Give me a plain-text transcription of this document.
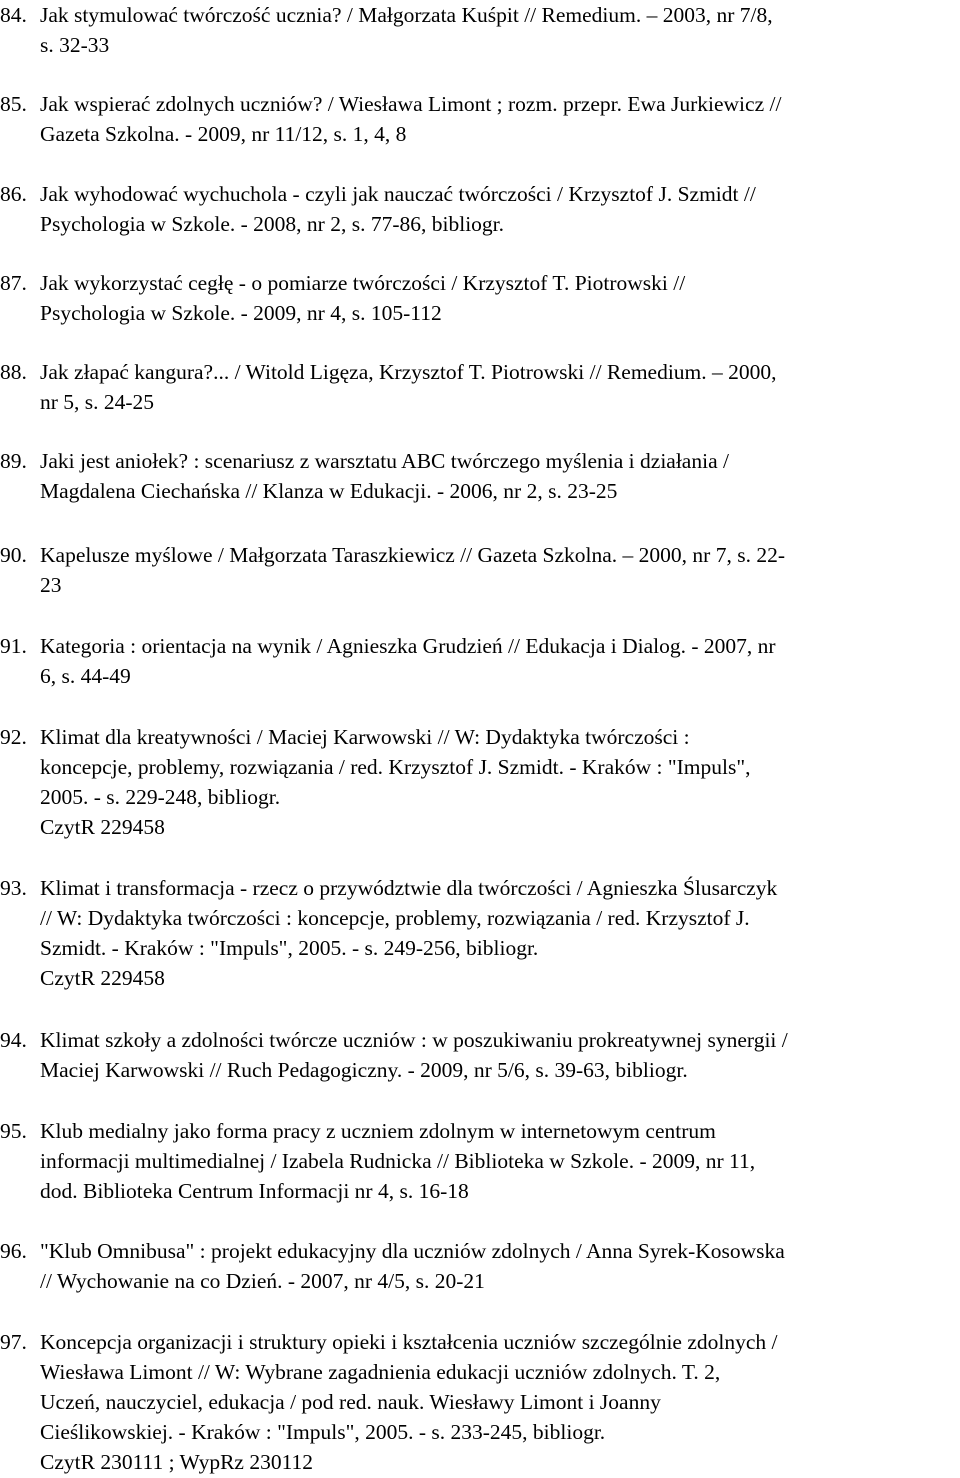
84. Jak stymulować twórczość ucznia? / Małgorzata Kuśpit // Remedium. – 2003, nr 7/8,
s. 32-33
85. Jak wspierać zdolnych uczniów? / Wiesława Limont ; rozm. przepr. Ewa Jurkiewicz //
Gazeta Szkolna. - 2009, nr 11/12, s. 1, 4, 8
86. Jak wyhodować wychuchola - czyli jak nauczać twórczości / Krzysztof J. Szmidt //
Psychologia w Szkole. - 2008, nr 2, s. 77-86, bibliogr.
87. Jak wykorzystać cegłę - o pomiarze twórczości / Krzysztof T. Piotrowski //
Psychologia w Szkole. - 2009, nr 4, s. 105-112
88. Jak złapać kangura?... / Witold Ligęza, Krzysztof T. Piotrowski // Remedium. – 2000,
nr 5, s. 24-25
89. Jaki jest aniołek? : scenariusz z warsztatu ABC twórczego myślenia i działania /
Magdalena Ciechańska // Klanza w Edukacji. - 2006, nr 2, s. 23-25
90. Kapelusze myślowe / Małgorzata Taraszkiewicz // Gazeta Szkolna. – 2000, nr 7, s. 22-
23
91. Kategoria : orientacja na wynik / Agnieszka Grudzień // Edukacja i Dialog. - 2007, nr
6, s. 44-49
92. Klimat dla kreatywności / Maciej Karwowski // W: Dydaktyka twórczości :
koncepcje, problemy, rozwiązania / red. Krzysztof J. Szmidt. - Kraków : "Impuls",
2005. - s. 229-248, bibliogr.
CzytR 229458
93. Klimat i transformacja - rzecz o przywództwie dla twórczości / Agnieszka Ślusarczyk
// W: Dydaktyka twórczości : koncepcje, problemy, rozwiązania / red. Krzysztof J.
Szmidt. - Kraków : "Impuls", 2005. - s. 249-256, bibliogr.
CzytR 229458
94. Klimat szkoły a zdolności twórcze uczniów : w poszukiwaniu prokreatywnej synergii /
Maciej Karwowski // Ruch Pedagogiczny. - 2009, nr 5/6, s. 39-63, bibliogr.
95. Klub medialny jako forma pracy z uczniem zdolnym w internetowym centrum
informacji multimedialnej / Izabela Rudnicka // Biblioteka w Szkole. - 2009, nr 11,
dod. Biblioteka Centrum Informacji nr 4, s. 16-18
96. "Klub Omnibusa" : projekt edukacyjny dla uczniów zdolnych / Anna Syrek-Kosowska
// Wychowanie na co Dzień. - 2007, nr 4/5, s. 20-21
97. Koncepcja organizacji i struktury opieki i kształcenia uczniów szczególnie zdolnych /
Wiesława Limont // W: Wybrane zagadnienia edukacji uczniów zdolnych. T. 2,
Uczeń, nauczyciel, edukacja / pod red. nauk. Wiesławy Limont i Joanny
Cieślikowskiej. - Kraków : "Impuls", 2005. - s. 233-245, bibliogr.
CzytR 230111 ; WypRz 230112
